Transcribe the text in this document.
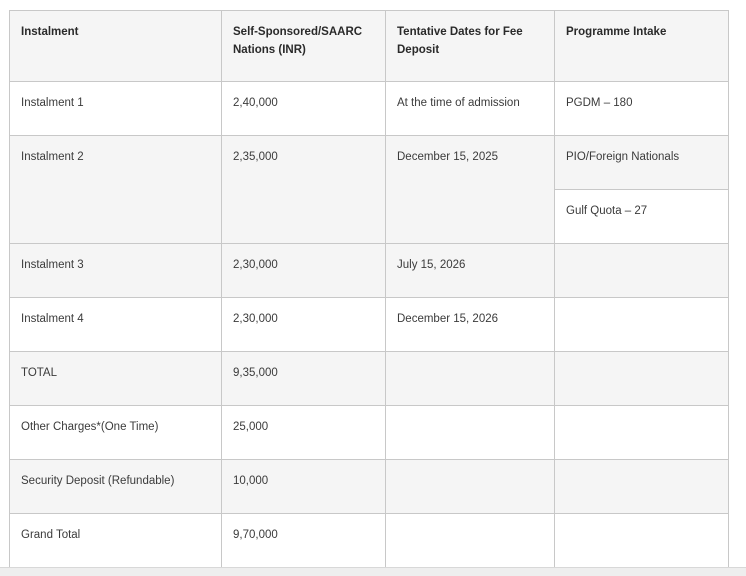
Instalment	Self-Sponsored/SAARC Nations (INR)	Tentative Dates for Fee Deposit	Programme Intake
Instalment 1	2,40,000	At the time of admission	PGDM – 180
Instalment 2	2,35,000	December 15, 2025	PIO/Foreign Nationals
			Gulf Quota – 27
Instalment 3	2,30,000	July 15, 2026	
Instalment 4	2,30,000	December 15, 2026	
TOTAL	9,35,000		
Other Charges*(One Time)	25,000		
Security Deposit (Refundable)	10,000		
Grand Total	9,70,000		
